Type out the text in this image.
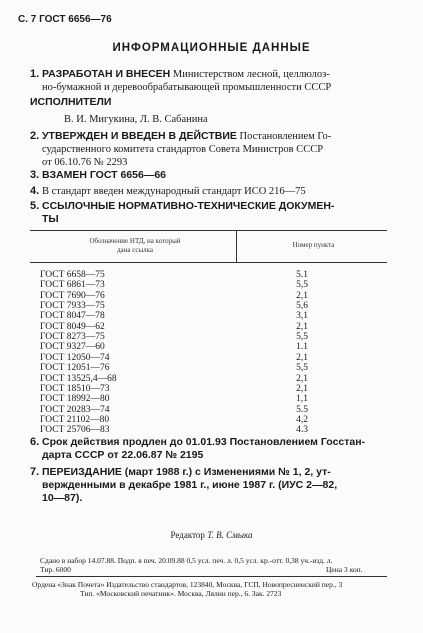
С. 7 ГОСТ 6656—76
ИНФОРМАЦИОННЫЕ ДАННЫЕ
1. РАЗРАБОТАН И ВНЕСЕН Министерством лесной, целлюлоз-
но-бумажной и деревообрабатывающей промышленности СССР
ИСПОЛНИТЕЛИ
В. И. Мигукина, Л. В. Сабанина
2. УТВЕРЖДЕН И ВВЕДЕН В ДЕЙСТВИЕ Постановлением Го-
сударственного комитета стандартов Совета Министров СССР
от 06.10.76 № 2293
3. ВЗАМЕН ГОСТ 6656—66
4. В стандарт введен международный стандарт ИСО 216—75
5. ССЫЛОЧНЫЕ НОРМАТИВНО-ТЕХНИЧЕСКИЕ ДОКУМЕН-
ТЫ
Обозначение НТД, на который
дана ссылка
Номер пункта
ГОСТ 6658—75	5.1
ГОСТ 6861—73	5,5
ГОСТ 7690—76	2,1
ГОСТ 7933—75	5,6
ГОСТ 8047—78	3,1
ГОСТ 8049—62	2,1
ГОСТ 8273—75	5,5
ГОСТ 9327—60	1.1
ГОСТ 12050—74	2,1
ГОСТ 12051—76	5,5
ГОСТ 13525,4—68	2,1
ГОСТ 18510—73	2,1
ГОСТ 18992—80	1,1
ГОСТ 20283—74	5.5
ГОСТ 21102—80	4,2
ГОСТ 25706—83	4.3
6. Срок действия продлен до 01.01.93 Постановлением Госстан-
дарта СССР от 22.06.87 № 2195
7. ПЕРЕИЗДАНИЕ (март 1988 г.) с Изменениями № 1, 2, ут-
вержденными в декабре 1981 г., июне 1987 г. (ИУС 2—82,
10—87).
Редактор Т. В. Смыка
Сдано в набор 14.07.88. Подп. в печ. 20.09.88 0,5 усл. печ. л. 0,5 усл. кр.-отт. 0,38 уч.-изд. л.
Тир. 6000	Цена 3 коп.
Ордена «Знак Почета» Издательство стандартов, 123840, Москва, ГСП, Новопресненский пер., 3
Тип. «Московский печатник». Москва, Лялин пер., 6. Зак. 2723
